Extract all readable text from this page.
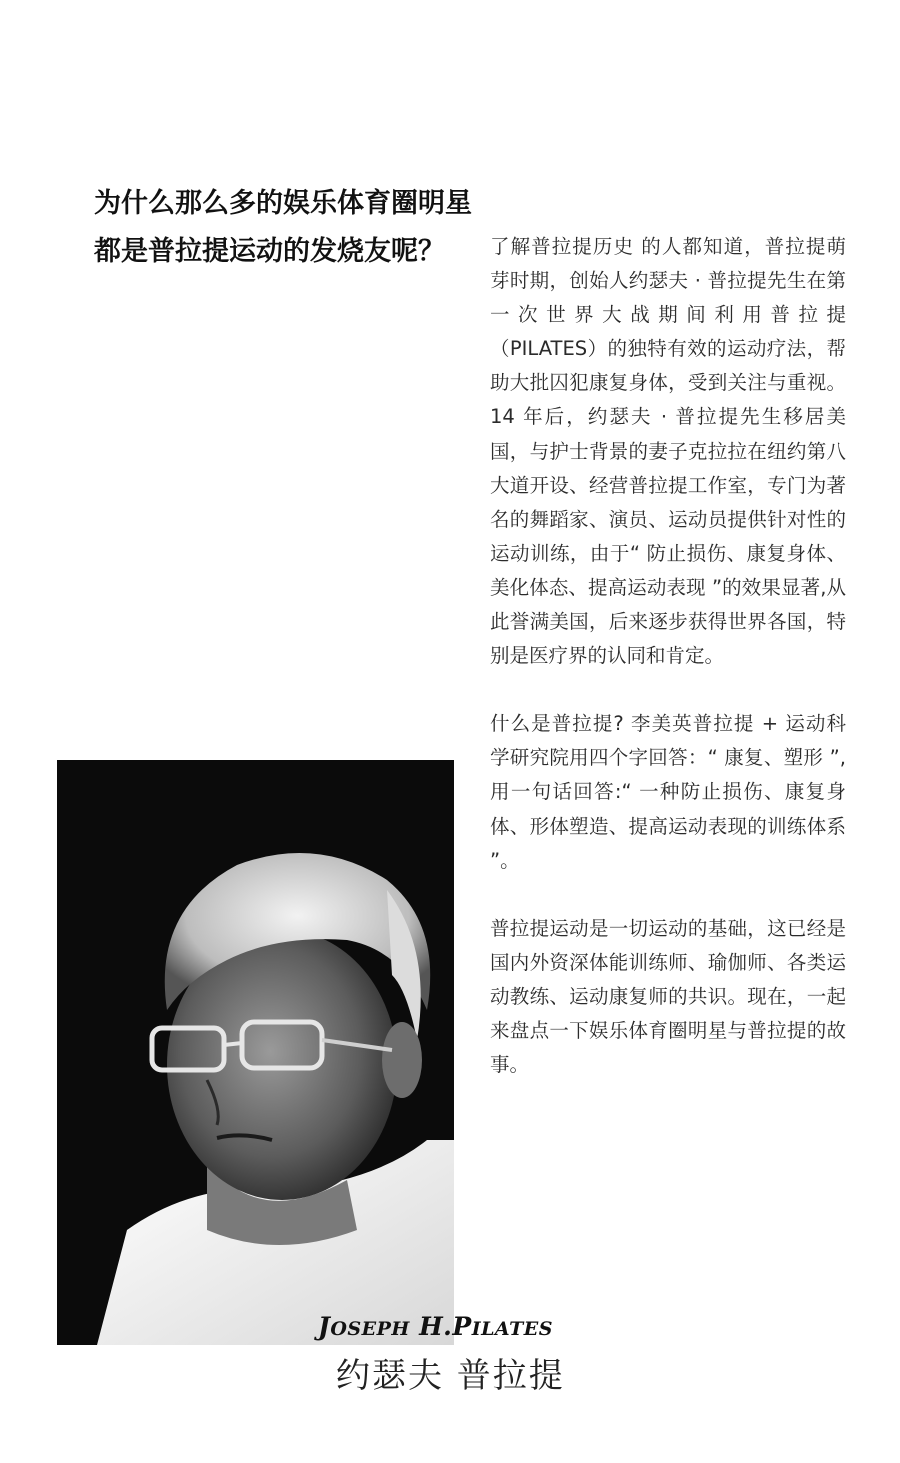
为什么那么多的娱乐体育圈明星
都是普拉提运动的发烧友呢？	了解普拉提历史 的人都知道，普拉提萌芽时期，创始人约瑟夫 · 普拉提先生在第一次世界大战期间利用普拉提（PILATES）的独特有效的运动疗法，帮助大批囚犯康复身体，受到关注与重视。14 年后，约瑟夫 · 普拉提先生移居美国，与护士背景的妻子克拉拉在纽约第八大道开设、经营普拉提工作室，专门为著名的舞蹈家、演员、运动员提供针对性的运动训练，由于“ 防止损伤、康复身体、美化体态、提高运动表现 ”的效果显著,从此誉满美国，后来逐步获得世界各国，特别是医疗界的认同和肯定。

什么是普拉提? 李美英普拉提 + 运动科学研究院用四个字回答：“ 康复、塑形 ”,用一句话回答:“ 一种防止损伤、康复身体、形体塑造、提高运动表现的训练体系 ”。

普拉提运动是一切运动的基础，这已经是国内外资深体能训练师、瑜伽师、各类运动教练、运动康复师的共识。现在，一起来盘点一下娱乐体育圈明星与普拉提的故事。

JOSEPH H.PILATES
约瑟夫 普拉提
